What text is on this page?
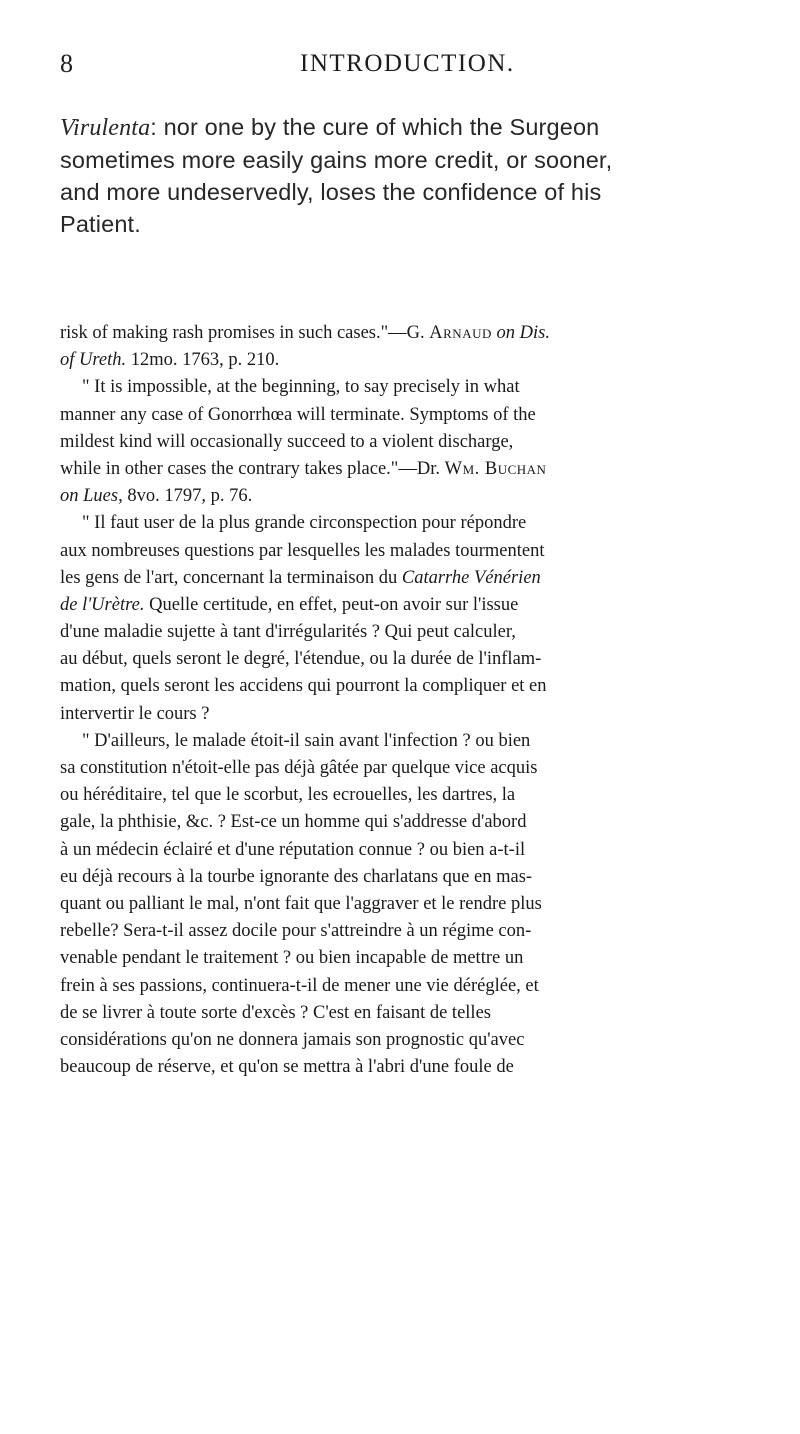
8	INTRODUCTION.

Virulenta: nor one by the cure of which the Surgeon
sometimes more easily gains more credit, or sooner,
and more undeservedly, loses the confidence of his
Patient.

risk of making rash promises in such cases."—G. Arnaud on Dis.
of Ureth. 12mo. 1763, p. 210.
" It is impossible, at the beginning, to say precisely in what
manner any case of Gonorrhœa will terminate. Symptoms of the
mildest kind will occasionally succeed to a violent discharge,
while in other cases the contrary takes place."—Dr. Wm. Buchan
on Lues, 8vo. 1797, p. 76.
" Il faut user de la plus grande circonspection pour répondre
aux nombreuses questions par lesquelles les malades tourmentent
les gens de l'art, concernant la terminaison du Catarrhe Vénérien
de l'Urètre. Quelle certitude, en effet, peut-on avoir sur l'issue
d'une maladie sujette à tant d'irrégularités ? Qui peut calculer,
au début, quels seront le degré, l'étendue, ou la durée de l'inflam-
mation, quels seront les accidens qui pourront la compliquer et en
intervertir le cours ?
" D'ailleurs, le malade étoit-il sain avant l'infection ? ou bien
sa constitution n'étoit-elle pas déjà gâtée par quelque vice acquis
ou héréditaire, tel que le scorbut, les ecrouelles, les dartres, la
gale, la phthisie, &c. ? Est-ce un homme qui s'addresse d'abord
à un médecin éclairé et d'une réputation connue ? ou bien a-t-il
eu déjà recours à la tourbe ignorante des charlatans que en mas-
quant ou palliant le mal, n'ont fait que l'aggraver et le rendre plus
rebelle? Sera-t-il assez docile pour s'attreindre à un régime con-
venable pendant le traitement ? ou bien incapable de mettre un
frein à ses passions, continuera-t-il de mener une vie déréglée, et
de se livrer à toute sorte d'excès ? C'est en faisant de telles
considérations qu'on ne donnera jamais son prognostic qu'avec
beaucoup de réserve, et qu'on se mettra à l'abri d'une foule de
